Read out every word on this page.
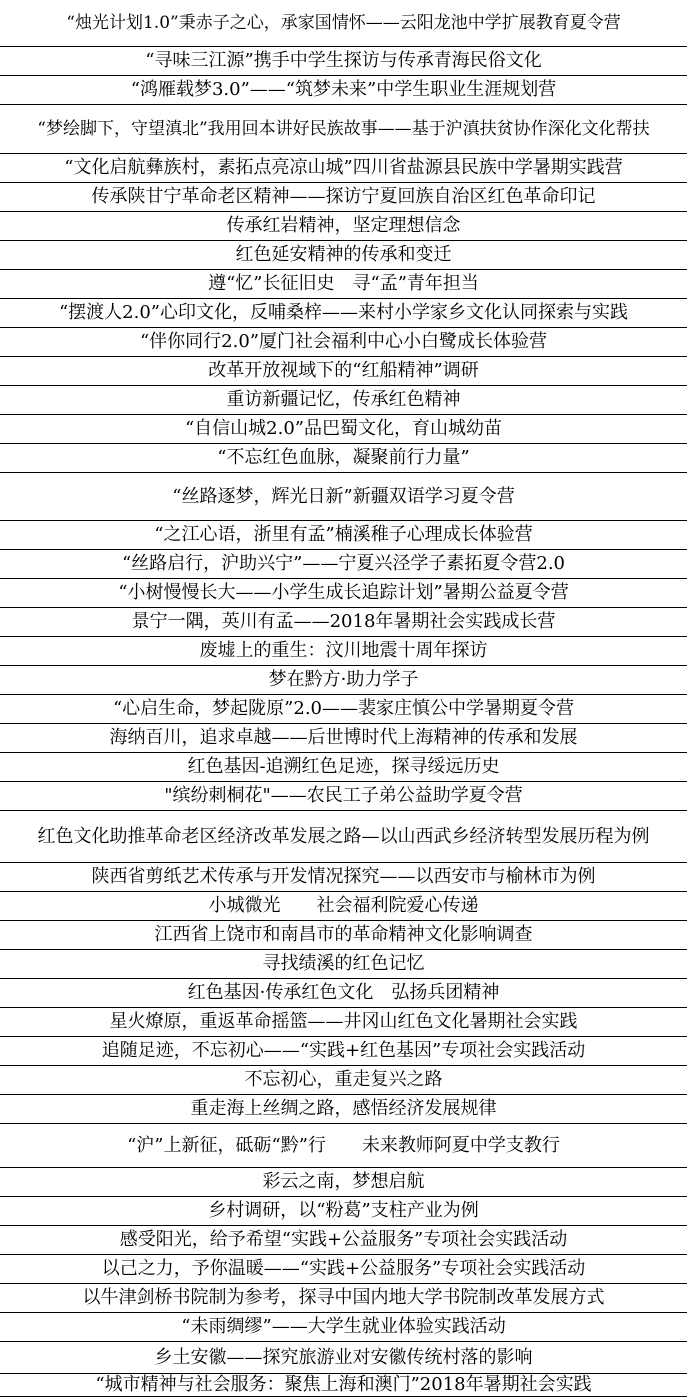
“烛光计划1.0”秉赤子之心，承家国情怀——云阳龙池中学扩展教育夏令营
“寻味三江源”携手中学生探访与传承青海民俗文化
“鸿雁载梦3.0”——“筑梦未来”中学生职业生涯规划营
“梦绘脚下，守望滇北”我用回本讲好民族故事——基于沪滇扶贫协作深化文化帮扶
“文化启航彝族村，素拓点亮凉山城”四川省盐源县民族中学暑期实践营
传承陕甘宁革命老区精神——探访宁夏回族自治区红色革命印记
传承红岩精神，坚定理想信念
红色延安精神的传承和变迁
遵“忆”长征旧史　寻“孟”青年担当
“摆渡人2.0”心印文化，反哺桑梓——来村小学家乡文化认同探索与实践
“伴你同行2.0”厦门社会福利中心小白鹭成长体验营
改革开放视域下的“红船精神”调研
重访新疆记忆，传承红色精神
“自信山城2.0”品巴蜀文化，育山城幼苗
“不忘红色血脉，凝聚前行力量”
“丝路逐梦，辉光日新”新疆双语学习夏令营
“之江心语，浙里有孟”楠溪稚子心理成长体验营
“丝路启行，沪助兴宁”——宁夏兴泾学子素拓夏令营2.0
“小树慢慢长大——小学生成长追踪计划”暑期公益夏令营
景宁一隅，英川有孟——2018年暑期社会实践成长营
废墟上的重生：汶川地震十周年探访
梦在黔方·助力学子
“心启生命，梦起陇原”2.0——裴家庄慎公中学暑期夏令营
海纳百川，追求卓越——后世博时代上海精神的传承和发展
红色基因-追溯红色足迹，探寻绥远历史
"缤纷刺桐花"——农民工子弟公益助学夏令营
红色文化助推革命老区经济改革发展之路—以山西武乡经济转型发展历程为例
陕西省剪纸艺术传承与开发情况探究——以西安市与榆林市为例
小城微光　　社会福利院爱心传递
江西省上饶市和南昌市的革命精神文化影响调查
寻找绩溪的红色记忆
红色基因·传承红色文化　弘扬兵团精神
星火燎原，重返革命摇篮——井冈山红色文化暑期社会实践
追随足迹，不忘初心——“实践+红色基因”专项社会实践活动
不忘初心，重走复兴之路
重走海上丝绸之路，感悟经济发展规律
“沪”上新征，砥砺“黔”行　　未来教师阿夏中学支教行
彩云之南，梦想启航
乡村调研，以“粉葛”支柱产业为例
感受阳光，给予希望“实践+公益服务”专项社会实践活动
以己之力，予你温暖——“实践+公益服务”专项社会实践活动
以牛津剑桥书院制为参考，探寻中国内地大学书院制改革发展方式
“未雨绸缪”——大学生就业体验实践活动
乡土安徽——探究旅游业对安徽传统村落的影响
“城市精神与社会服务：聚焦上海和澳门”2018年暑期社会实践
